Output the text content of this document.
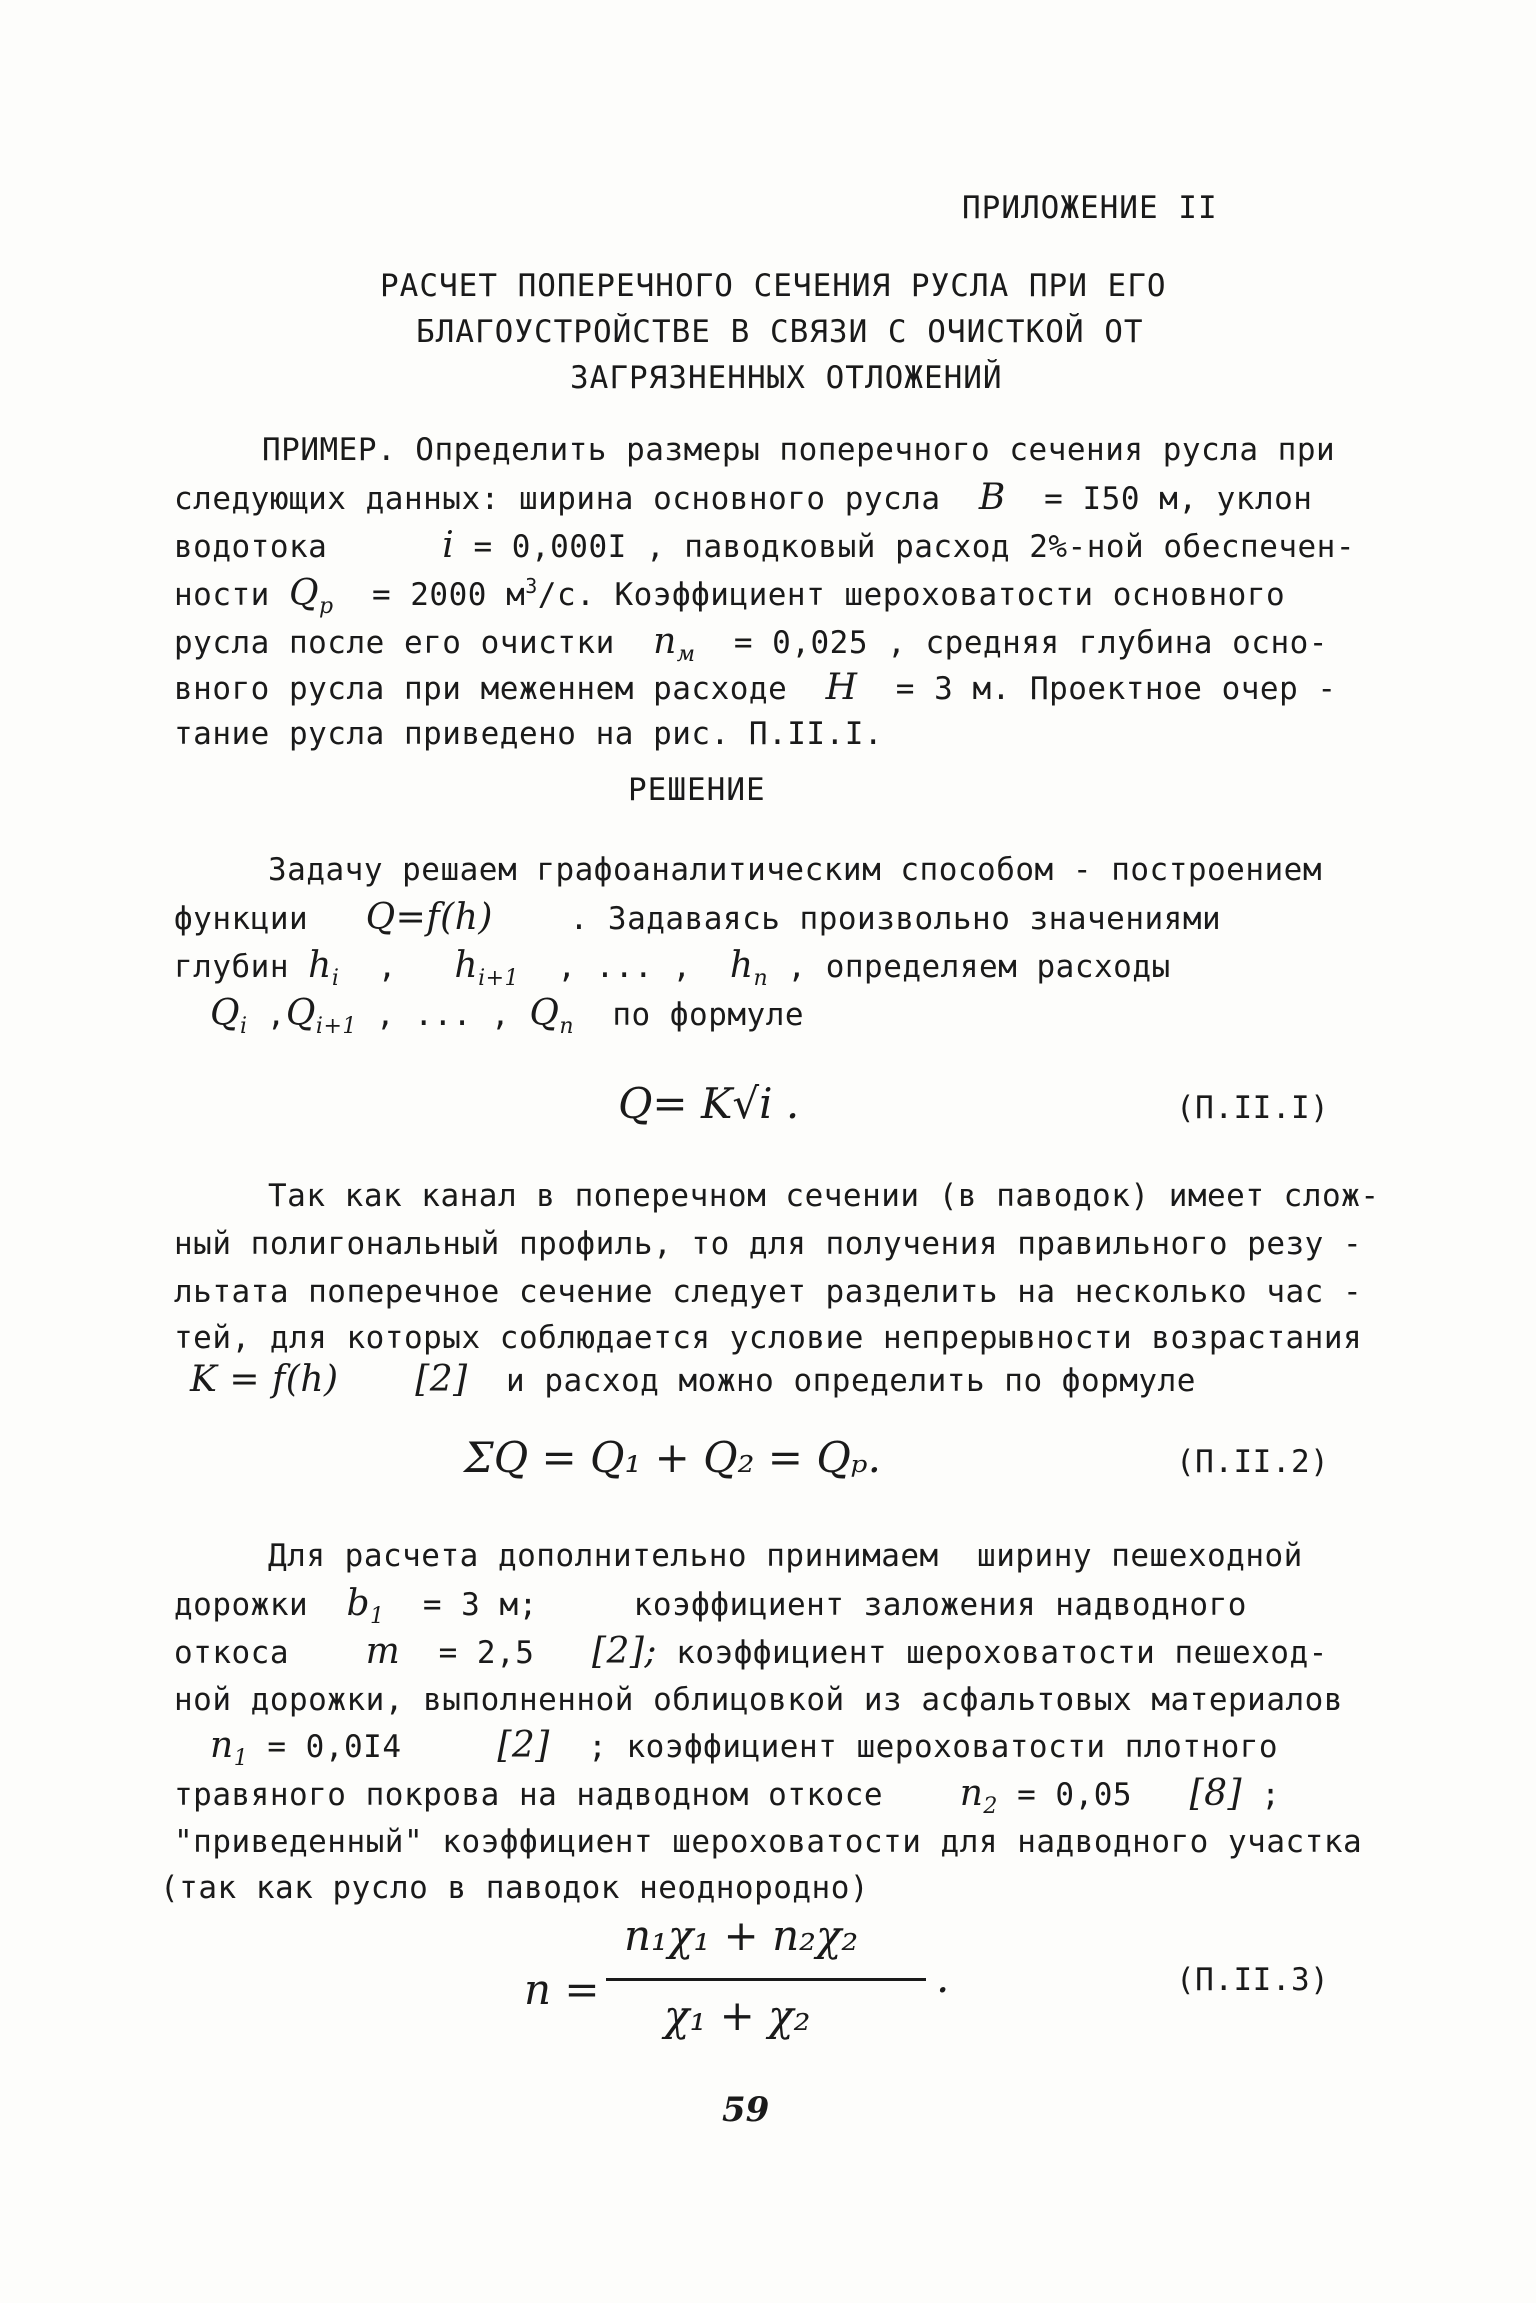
ПРИЛОЖЕНИЕ II
РАСЧЕТ ПОПЕРЕЧНОГО СЕЧЕНИЯ РУСЛА ПРИ ЕГО
БЛАГОУСТРОЙСТВЕ В СВЯЗИ С ОЧИСТКОЙ ОТ
ЗАГРЯЗНЕННЫХ ОТЛОЖЕНИЙ
ПРИМЕР. Определить размеры поперечного сечения русла при
следующих данных: ширина основного русла B = I50 м, уклон
водотока	i = 0,000I , паводковый расход 2%-ной обеспечен-
ности $Q_p = 2000$ $м^3/с$. Коэффициент шероховатости основного
русла после его очистки $n_м = 0,025$ , средняя глубина осно-
вного русла при меженнем расходе H = 3 м. Проектное очер -
тание русла приведено на рис. П.II.I.
РЕШЕНИЕ
Задачу решаем графоаналитическим способом - построением
функции Q=f(h) . Задаваясь произвольно значениями
глубин $h_i$  ,   $h_{i+1}$ , ... , $h_n$ , определяем расходы
$Q_i$ $,Q_{i+1}$ , ... , $Q_n$ по формуле
Q= K√i .	(П.II.I)
Так как канал в поперечном сечении (в паводок) имеет слож-
ный полигональный профиль, то для получения правильного резу -
льтата поперечное сечение следует разделить на несколько час -
тей, для которых соблюдается условие непрерывности возрастания
K = f(h) [2] и расход можно определить по формуле
ΣQ = Q₁ + Q₂ = Qₚ.	(П.II.2)
Для расчета дополнительно принимаем  ширину пешеходной
дорожки $b_1 = 3$ м;	коэффициент заложения надводного
откоса m = 2,5 [2]; коэффициент шероховатости пешеход-
ной дорожки, выполненной облицовкой из асфальтовых материалов
$n_1 = 0,0I4$	[2] ; коэффициент шероховатости плотного
травяного покрова на надводном откосе $n_2 = 0,05$ [8] ;
"приведенный" коэффициент шероховатости для надводного участка
(так как русло в паводок неоднородно)
n =
n₁χ₁ + n₂χ₂
χ₁ + χ₂
.	(П.II.3)
59
